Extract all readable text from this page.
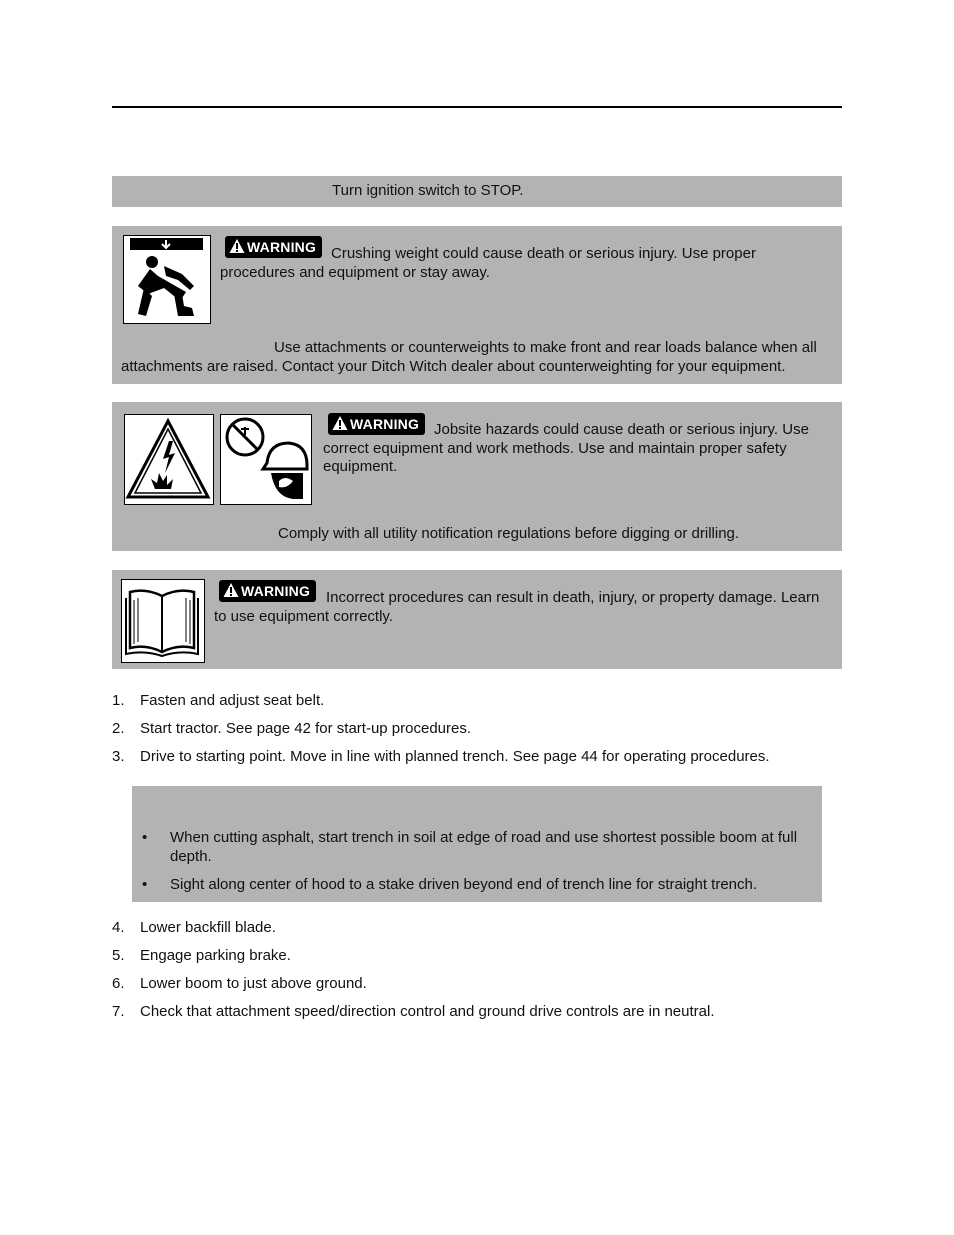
Turn ignition switch to STOP.
WARNING Crushing weight could cause death or serious injury. Use proper procedures and equipment or stay away.
Use attachments or counterweights to make front and rear loads balance when all attachments are raised. Contact your Ditch Witch dealer about counterweighting for your equipment.
WARNING Jobsite hazards could cause death or serious injury. Use correct equipment and work methods. Use and maintain proper safety equipment.
Comply with all utility notification regulations before digging or drilling.
WARNING	Incorrect procedures can result in death, injury, or property damage. Learn to use equipment correctly.
1. Fasten and adjust seat belt.
2. Start tractor. See page 42 for start-up procedures.
3. Drive to starting point. Move in line with planned trench. See page 44 for operating procedures.
• When cutting asphalt, start trench in soil at edge of road and use shortest possible boom at full depth.
• Sight along center of hood to a stake driven beyond end of trench line for straight trench.
4. Lower backfill blade.
5. Engage parking brake.
6. Lower boom to just above ground.
7. Check that attachment speed/direction control and ground drive controls are in neutral.
